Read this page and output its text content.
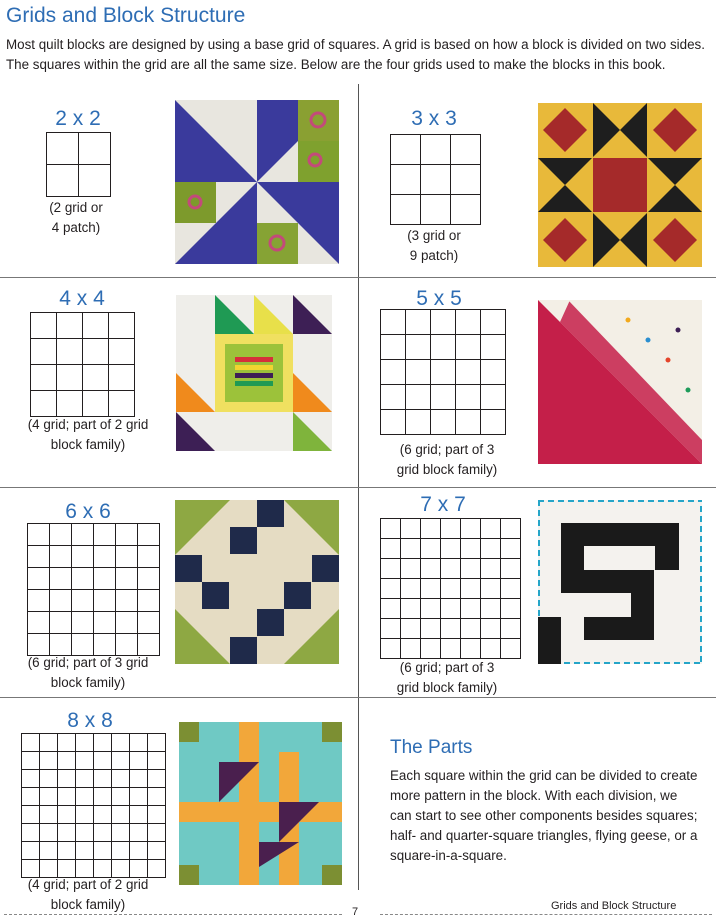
Grids and Block Structure

Most quilt blocks are designed by using a base grid of squares. A grid is based on how a block is divided on two sides. The squares within the grid are all the same size. Below are the four grids used to make the blocks in this book.

2 x 2

(2 grid or
4 patch)
3 x 3

(3 grid or
9 patch)
4 x 4

(4 grid; part of 2 grid
block family)
5 x 5

(6 grid; part of 3
grid block family)
6 x 6

(6 grid; part of 3 grid
block family)
7 x 7

(6 grid; part of 3
grid block family)
8 x 8

(4 grid; part of 2 grid
block family)
The Parts

Each square within the grid can be divided to create more pattern in the block. With each division, we can start to see other components besides squares; half- and quarter-square triangles, flying geese, or a square-in-a-square.

Grids and Block Structure
7
